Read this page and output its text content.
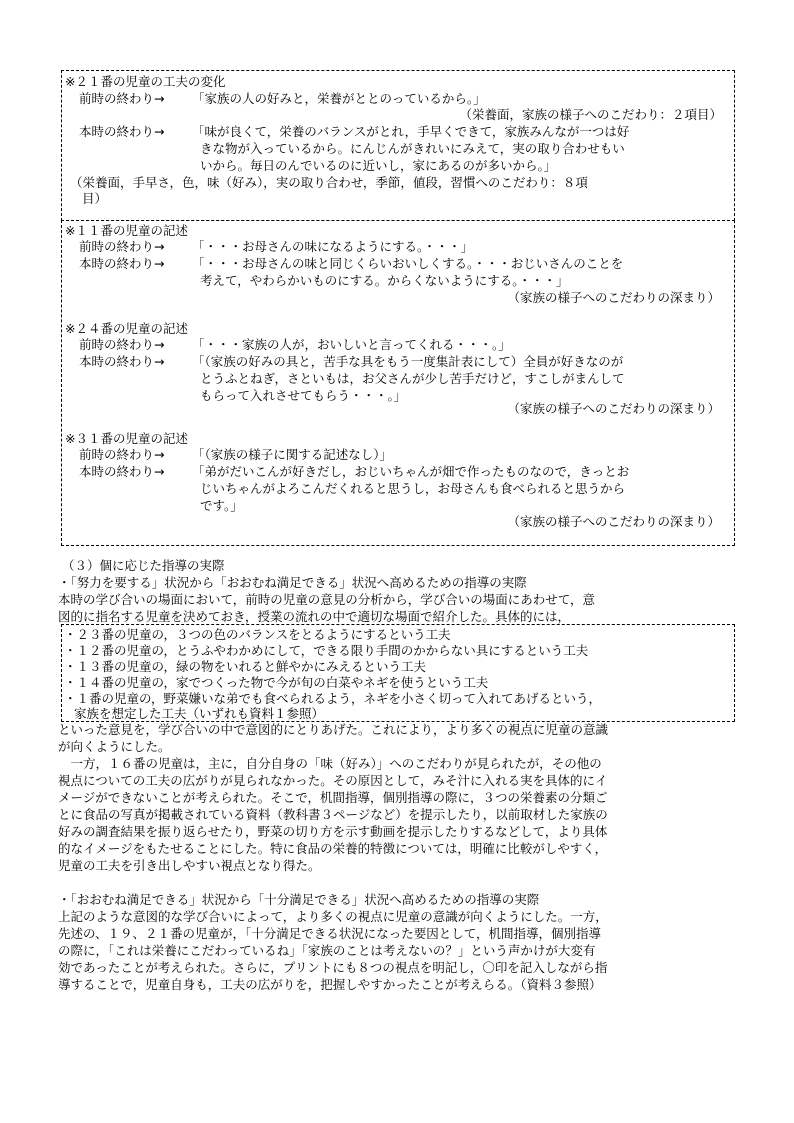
※２１番の児童の工夫の変化
前時の終わり→ 「家族の人の好みと，栄養がととのっているから。」
（栄養面，家族の様子へのこだわり：２項目）
本時の終わり→ 「味が良くて，栄養のバランスがとれ，手早くできて，家族みんなが一つは好
きな物が入っているから。にんじんがきれいにみえて，実の取り合わせもい
いから。毎日のんでいるのに近いし，家にあるのが多いから。」
（栄養面，手早さ，色，味（好み），実の取り合わせ，季節，値段，習慣へのこだわり：８項
目）
※１１番の児童の記述
前時の終わり→ 「・・・お母さんの味になるようにする。・・・」
本時の終わり→ 「・・・お母さんの味と同じくらいおいしくする。・・・おじいさんのことを
考えて，やわらかいものにする。からくないようにする。・・・」
（家族の様子へのこだわりの深まり）
※２４番の児童の記述
前時の終わり→ 「・・・家族の人が，おいしいと言ってくれる・・・。」
本時の終わり→ 「（家族の好みの具と，苦手な具をもう一度集計表にして）全員が好きなのが
とうふとねぎ，さといもは，お父さんが少し苦手だけど，すこしがまんして
もらって入れさせてもらう・・・。」
（家族の様子へのこだわりの深まり）
※３１番の児童の記述
前時の終わり→ 「（家族の様子に関する記述なし）」
本時の終わり→ 「弟がだいこんが好きだし，おじいちゃんが畑で作ったものなので，きっとお
じいちゃんがよろこんだくれると思うし，お母さんも食べられると思うから
です。」
（家族の様子へのこだわりの深まり）
（３）個に応じた指導の実際
・「努力を要する」状況から「おおむね満足できる」状況へ高めるための指導の実際
本時の学び合いの場面において，前時の児童の意見の分析から，学び合いの場面にあわせて，意
図的に指名する児童を決めておき，授業の流れの中で適切な場面で紹介した。具体的には，
・２３番の児童の，３つの色のバランスをとるようにするという工夫
・１２番の児童の，とうふやわかめにして，できる限り手間のかからない具にするという工夫
・１３番の児童の，緑の物をいれると鮮やかにみえるという工夫
・１４番の児童の，家でつくった物で今が旬の白菜やネギを使うという工夫
・１番の児童の，野菜嫌いな弟でも食べられるよう，ネギを小さく切って入れてあげるという，
家族を想定した工夫（いずれも資料１参照）
といった意見を，学び合いの中で意図的にとりあげた。これにより，より多くの視点に児童の意識
が向くようにした。
　一方，１６番の児童は，主に，自分自身の「味（好み）」へのこだわりが見られたが，その他の
視点についての工夫の広がりが見られなかった。その原因として，みそ汁に入れる実を具体的にイ
メージができないことが考えられた。そこで，机間指導，個別指導の際に，３つの栄養素の分類ご
とに食品の写真が掲載されている資料（教科書３ページなど）を提示したり，以前取材した家族の
好みの調査結果を振り返らせたり，野菜の切り方を示す動画を提示したりするなどして，より具体
的なイメージをもたせることにした。特に食品の栄養的特徴については，明確に比較がしやすく，
児童の工夫を引き出しやすい視点となり得た。
・「おおむね満足できる」状況から「十分満足できる」状況へ高めるための指導の実際
上記のような意図的な学び合いによって，より多くの視点に児童の意識が向くようにした。一方，
先述の、１９、２１番の児童が，「十分満足できる状況になった要因として，机間指導，個別指導
の際に，「これは栄養にこだわっているね」「家族のことは考えないの？」という声かけが大変有
効であったことが考えられた。さらに，プリントにも８つの視点を明記し，〇印を記入しながら指
導することで，児童自身も，工夫の広がりを，把握しやすかったことが考えらる。（資料３参照）
